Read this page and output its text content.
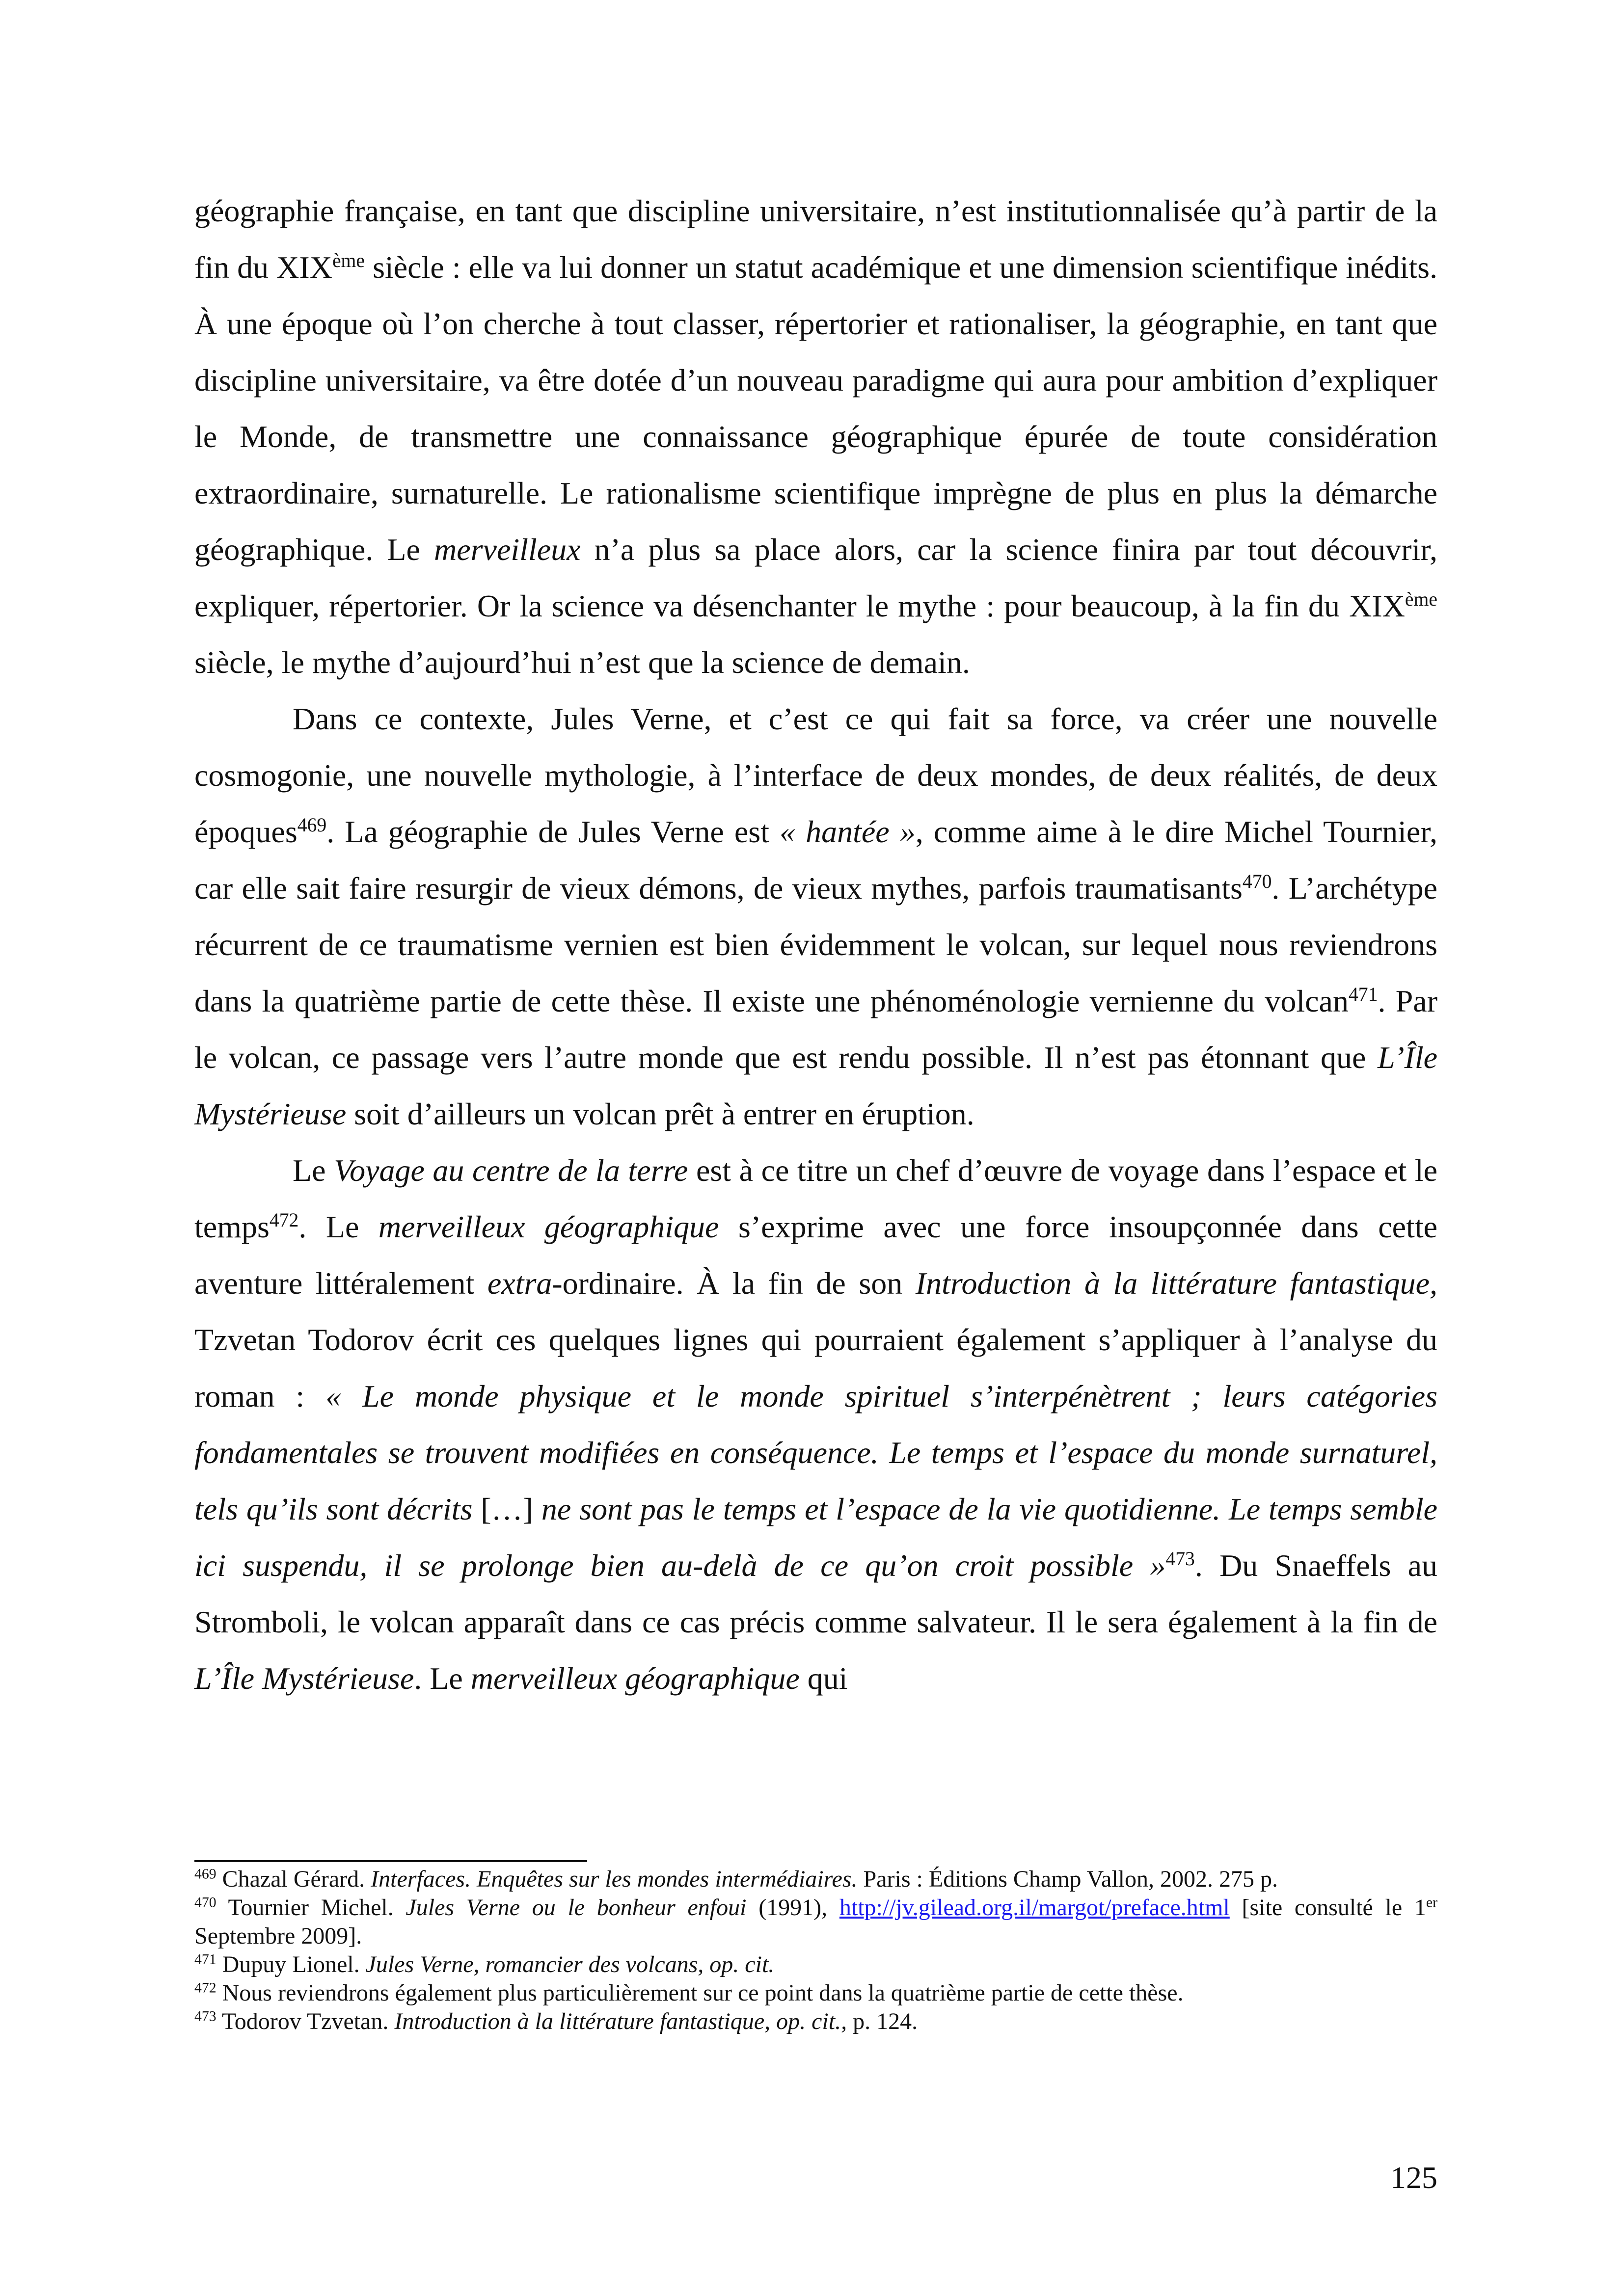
géographie française, en tant que discipline universitaire, n’est institutionnalisée qu’à partir de la fin du XIXème siècle : elle va lui donner un statut académique et une dimension scientifique inédits. À une époque où l’on cherche à tout classer, répertorier et rationaliser, la géographie, en tant que discipline universitaire, va être dotée d’un nouveau paradigme qui aura pour ambition d’expliquer le Monde, de transmettre une connaissance géographique épurée de toute considération extraordinaire, surnaturelle. Le rationalisme scientifique imprègne de plus en plus la démarche géographique. Le merveilleux n’a plus sa place alors, car la science finira par tout découvrir, expliquer, répertorier. Or la science va désenchanter le mythe : pour beaucoup, à la fin du XIXème siècle, le mythe d’aujourd’hui n’est que la science de demain.

Dans ce contexte, Jules Verne, et c’est ce qui fait sa force, va créer une nouvelle cosmogonie, une nouvelle mythologie, à l’interface de deux mondes, de deux réalités, de deux époques$^{469}$. La géographie de Jules Verne est « hantée », comme aime à le dire Michel Tournier, car elle sait faire resurgir de vieux démons, de vieux mythes, parfois traumatisants$^{470}$. L’archétype récurrent de ce traumatisme vernien est bien évidemment le volcan, sur lequel nous reviendrons dans la quatrième partie de cette thèse. Il existe une phénoménologie vernienne du volcan$^{471}$. Par le volcan, ce passage vers l’autre monde que est rendu possible. Il n’est pas étonnant que L’Île Mystérieuse soit d’ailleurs un volcan prêt à entrer en éruption.

Le Voyage au centre de la terre est à ce titre un chef d’œuvre de voyage dans l’espace et le temps$^{472}$. Le merveilleux géographique s’exprime avec une force insoupçonnée dans cette aventure littéralement extra-ordinaire. À la fin de son Introduction à la littérature fantastique, Tzvetan Todorov écrit ces quelques lignes qui pourraient également s’appliquer à l’analyse du roman : « Le monde physique et le monde spirituel s’interpénètrent ; leurs catégories fondamentales se trouvent modifiées en conséquence. Le temps et l’espace du monde surnaturel, tels qu’ils sont décrits […] ne sont pas le temps et l’espace de la vie quotidienne. Le temps semble ici suspendu, il se prolonge bien au-delà de ce qu’on croit possible »$^{473}$. Du Snaeffels au Stromboli, le volcan apparaît dans ce cas précis comme salvateur. Il le sera également à la fin de L’Île Mystérieuse. Le merveilleux géographique qui

$^{469}$ Chazal Gérard. Interfaces. Enquêtes sur les mondes intermédiaires. Paris : Éditions Champ Vallon, 2002. 275 p.

$^{470}$ Tournier Michel. Jules Verne ou le bonheur enfoui (1991), http://jv.gilead.org.il/margot/preface.html [site consulté le 1er Septembre 2009].

$^{471}$ Dupuy Lionel. Jules Verne, romancier des volcans, op. cit.

$^{472}$ Nous reviendrons également plus particulièrement sur ce point dans la quatrième partie de cette thèse.

$^{473}$ Todorov Tzvetan. Introduction à la littérature fantastique, op. cit., p. 124.

125
